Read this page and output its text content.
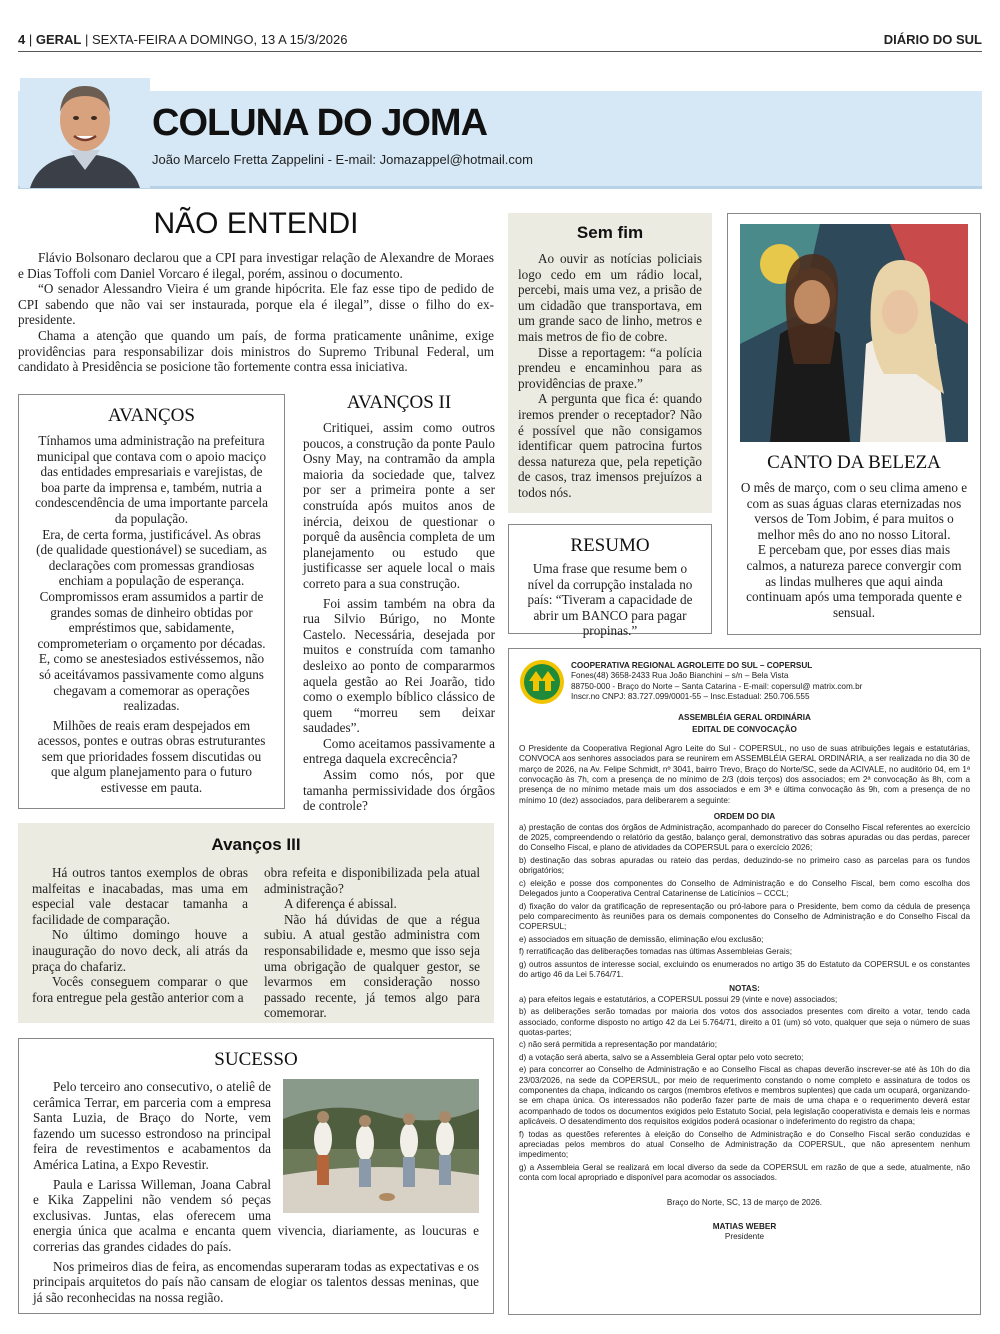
4 | GERAL | SEXTA-FEIRA A DOMINGO, 13 A 15/3/2026	DIÁRIO DO SUL
COLUNA DO JOMA
João Marcelo Fretta Zappelini - E-mail: Jomazappel@hotmail.com
NÃO ENTENDI

Flávio Bolsonaro declarou que a CPI para investigar relação de Alexandre de Moraes e Dias Toffoli com Daniel Vorcaro é ilegal, porém, assinou o documento.

“O senador Alessandro Vieira é um grande hipócrita. Ele faz esse tipo de pedido de CPI sabendo que não vai ser instaurada, porque ela é ilegal”, disse o filho do ex-presidente.

Chama a atenção que quando um país, de forma praticamente unânime, exige providências para responsabilizar dois ministros do Supremo Tribunal Federal, um candidato à Presidência se posicione tão fortemente contra essa iniciativa.

AVANÇOS

Tínhamos uma administração na prefeitura municipal que contava com o apoio maciço das entidades empresariais e varejistas, de boa parte da imprensa e, também, nutria a condescendência de uma importante parcela da população.

Era, de certa forma, justificável. As obras (de qualidade questionável) se sucediam, as declarações com promessas grandiosas enchiam a população de esperança.

Compromissos eram assumidos a partir de grandes somas de dinheiro obtidas por empréstimos que, sabidamente, comprometeriam o orçamento por décadas. E, como se anestesiados estivéssemos, não só aceitávamos passivamente como alguns chegavam a comemorar as operações realizadas.

Milhões de reais eram despejados em acessos, pontes e outras obras estruturantes sem que prioridades fossem discutidas ou que algum planejamento para o futuro estivesse em pauta.

AVANÇOS II

Critiquei, assim como outros poucos, a construção da ponte Paulo Osny May, na contramão da ampla maioria da sociedade que, talvez por ser a primeira ponte a ser construída após muitos anos de inércia, deixou de questionar o porquê da ausência completa de um planejamento ou estudo que justificasse ser aquele local o mais correto para a sua construção.

Foi assim também na obra da rua Silvio Búrigo, no Monte Castelo. Necessária, desejada por muitos e construída com tamanho desleixo ao ponto de compararmos aquela gestão ao Rei Joarão, tido como o exemplo bíblico clássico de quem “morreu sem deixar saudades”.

Como aceitamos passivamente a entrega daquela excrecência?

Assim como nós, por que tamanha permissividade dos órgãos de controle?

Avanços III

Há outros tantos exemplos de obras malfeitas e inacabadas, mas uma em especial vale destacar tamanha a facilidade de comparação.

No último domingo houve a inauguração do novo deck, ali atrás da praça do chafariz.

Vocês conseguem comparar o que fora entregue pela gestão anterior com a

obra refeita e disponibilizada pela atual administração?

A diferença é abissal.

Não há dúvidas de que a régua subiu. A atual gestão administra com responsabilidade e, mesmo que isso seja uma obrigação de qualquer gestor, se levarmos em consideração nosso passado recente, já temos algo para comemorar.

SUCESSO

Pelo terceiro ano consecutivo, o ateliê de cerâmica Terrar, em parceria com a empresa Santa Luzia, de Braço do Norte, vem fazendo um sucesso estrondoso na principal feira de revestimentos e acabamentos da América Latina, a Expo Revestir.

Paula e Larissa Willeman, Joana Cabral e Kika Zappelini não vendem só peças exclusivas. Juntas, elas oferecem uma energia única que acalma e encanta quem vivencia, diariamente, as loucuras e correrias das grandes cidades do país.

Nos primeiros dias de feira, as encomendas superaram todas as expectativas e os principais arquitetos do país não cansam de elogiar os talentos dessas meninas, que já são reconhecidas na nossa região.

Sem fim

Ao ouvir as notícias policiais logo cedo em um rádio local, percebi, mais uma vez, a prisão de um cidadão que transportava, em um grande saco de linho, metros e mais metros de fio de cobre.

Disse a reportagem: “a polícia prendeu e encaminhou para as providências de praxe.”

A pergunta que fica é: quando iremos prender o receptador? Não é possível que não consigamos identificar quem patrocina furtos dessa natureza que, pela repetição de casos, traz imensos prejuízos a todos nós.

RESUMO

Uma frase que resume bem o nível da corrupção instalada no país: “Tiveram a capacidade de abrir um BANCO para pagar propinas.”

CANTO DA BELEZA

O mês de março, com o seu clima ameno e com as suas águas claras eternizadas nos versos de Tom Jobim, é para muitos o melhor mês do ano no nosso Litoral.

E percebam que, por esses dias mais calmos, a natureza parece convergir com as lindas mulheres que aqui ainda continuam após uma temporada quente e sensual.

COOPERATIVA REGIONAL AGROLEITE DO SUL – COPERSUL
Fones(48) 3658-2433 Rua João Bianchini – s/n – Bela Vista
88750-000 - Braço do Norte – Santa Catarina - E-mail: copersul@ matrix.com.br
Inscr.no CNPJ: 83.727.099/0001-55 – Insc.Estadual: 250.706.555

ASSEMBLÉIA GERAL ORDINÁRIA

EDITAL DE CONVOCAÇÃO

O Presidente da Cooperativa Regional Agro Leite do Sul - COPERSUL, no uso de suas atribuições legais e estatutárias, CONVOCA aos senhores associados para se reunirem em ASSEMBLÉIA GERAL ORDINÁRIA, a ser realizada no dia 30 de março de 2026, na Av. Felipe Schmidt, nº 3041, bairro Trevo, Braço do Norte/SC, sede da ACIVALE, no auditório 04, em 1ª convocação às 7h, com a presença de no mínimo de 2/3 (dois terços) dos associados; em 2ª convocação às 8h, com a presença de no mínimo metade mais um dos associados e em 3ª e última convocação às 9h, com a presença de no mínimo 10 (dez) associados, para deliberarem a seguinte:

ORDEM DO DIA

a) prestação de contas dos órgãos de Administração, acompanhado do parecer do Conselho Fiscal referentes ao exercício de 2025, compreendendo o relatório da gestão, balanço geral, demonstrativo das sobras apuradas ou das perdas, parecer do Conselho Fiscal, e plano de atividades da COPERSUL para o exercício 2026;

b) destinação das sobras apuradas ou rateio das perdas, deduzindo-se no primeiro caso as parcelas para os fundos obrigatórios;

c) eleição e posse dos componentes do Conselho de Administração e do Conselho Fiscal, bem como escolha dos Delegados junto a Cooperativa Central Catarinense de Laticínios – CCCL;

d) fixação do valor da gratificação de representação ou pró-labore para o Presidente, bem como da cédula de presença pelo comparecimento às reuniões para os demais componentes do Conselho de Administração e do Conselho Fiscal da COPERSUL;

e) associados em situação de demissão, eliminação e/ou exclusão;

f) rerratificação das deliberações tomadas nas últimas Assembleias Gerais;

g) outros assuntos de interesse social, excluindo os enumerados no artigo 35 do Estatuto da COPERSUL e os constantes do artigo 46 da Lei 5.764/71.

NOTAS:

a) para efeitos legais e estatutários, a COPERSUL possui 29 (vinte e nove) associados;

b) as deliberações serão tomadas por maioria dos votos dos associados presentes com direito a votar, tendo cada associado, conforme disposto no artigo 42 da Lei 5.764/71, direito a 01 (um) só voto, qualquer que seja o número de suas quotas-partes;

c) não será permitida a representação por mandatário;

d) a votação será aberta, salvo se a Assembleia Geral optar pelo voto secreto;

e) para concorrer ao Conselho de Administração e ao Conselho Fiscal as chapas deverão inscrever-se até às 10h do dia 23/03/2026, na sede da COPERSUL, por meio de requerimento constando o nome completo e assinatura de todos os componentes da chapa, indicando os cargos (membros efetivos e membros suplentes) que cada um ocupará, organizando-se em chapa única. Os interessados não poderão fazer parte de mais de uma chapa e o requerimento deverá estar acompanhado de todos os documentos exigidos pelo Estatuto Social, pela legislação cooperativista e demais leis e normas aplicáveis. O desatendimento dos requisitos exigidos poderá ocasionar o indeferimento do registro da chapa;

f) todas as questões referentes à eleição do Conselho de Administração e do Conselho Fiscal serão conduzidas e apreciadas pelos membros do atual Conselho de Administração da COPERSUL, que não apresentem nenhum impedimento;

g) a Assembleia Geral se realizará em local diverso da sede da COPERSUL em razão de que a sede, atualmente, não conta com local apropriado e disponível para acomodar os associados.

Braço do Norte, SC, 13 de março de 2026.

MATIAS WEBER

Presidente
